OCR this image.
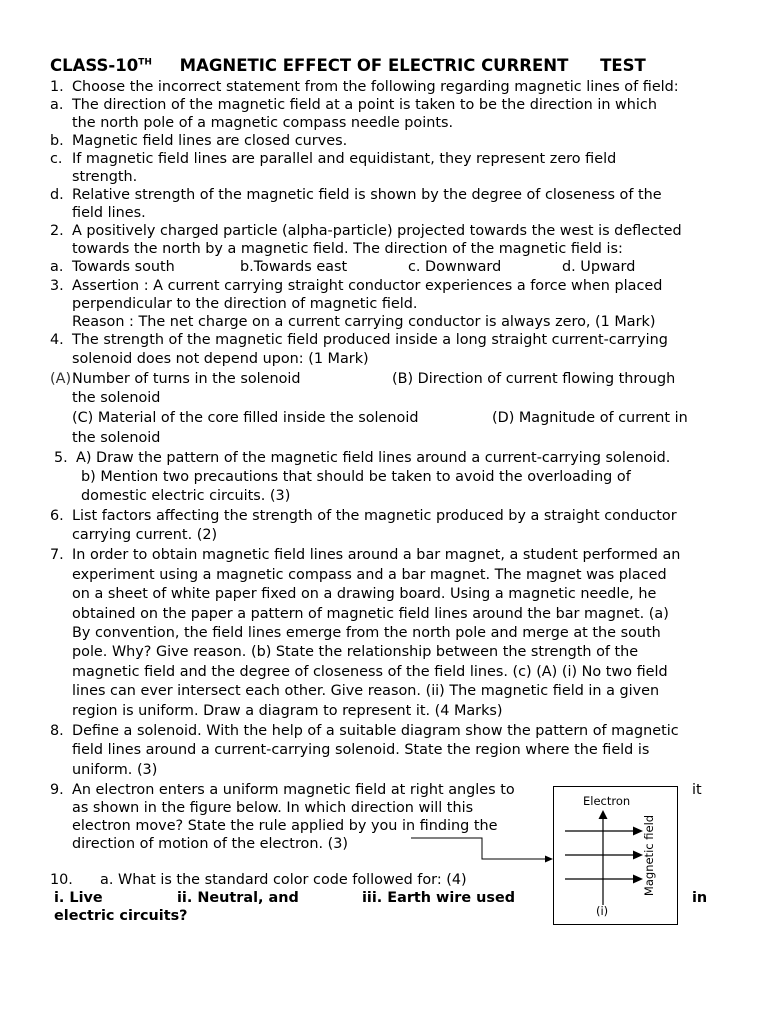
CLASS-10TH MAGNETIC EFFECT OF ELECTRIC CURRENT TEST
1. Choose the incorrect statement from the following regarding magnetic lines of field:
a. The direction of the magnetic field at a point is taken to be the direction in which
the north pole of a magnetic compass needle points.
b. Magnetic field lines are closed curves.
c. If magnetic field lines are parallel and equidistant, they represent zero field
strength.
d. Relative strength of the magnetic field is shown by the degree of closeness of the
field lines.
2. A positively charged particle (alpha-particle) projected towards the west is deflected
towards the north by a magnetic field. The direction of the magnetic field is:
a. Towards south	b.Towards east	c. Downward	d. Upward
3. Assertion : A current carrying straight conductor experiences a force when placed
perpendicular to the direction of magnetic field.
Reason : The net charge on a current carrying conductor is always zero, (1 Mark)
4. The strength of the magnetic field produced inside a long straight current-carrying
solenoid does not depend upon: (1 Mark)
(A) Number of turns in the solenoid	(B) Direction of current flowing through
the solenoid
(C) Material of the core filled inside the solenoid	(D) Magnitude of current in
the solenoid
5. A) Draw the pattern of the magnetic field lines around a current-carrying solenoid.
b) Mention two precautions that should be taken to avoid the overloading of
domestic electric circuits. (3)
6. List factors affecting the strength of the magnetic produced by a straight conductor
carrying current. (2)
7. In order to obtain magnetic field lines around a bar magnet, a student performed an
experiment using a magnetic compass and a bar magnet. The magnet was placed
on a sheet of white paper fixed on a drawing board. Using a magnetic needle, he
obtained on the paper a pattern of magnetic field lines around the bar magnet. (a)
By convention, the field lines emerge from the north pole and merge at the south
pole. Why? Give reason. (b) State the relationship between the strength of the
magnetic field and the degree of closeness of the field lines. (c) (A) (i) No two field
lines can ever intersect each other. Give reason. (ii) The magnetic field in a given
region is uniform. Draw a diagram to represent it. (4 Marks)
8. Define a solenoid. With the help of a suitable diagram show the pattern of magnetic
field lines around a current-carrying solenoid. State the region where the field is
uniform. (3)
9. An electron enters a uniform magnetic field at right angles to	it
as shown in the figure below. In which direction will this
electron move? State the rule applied by you in finding the
direction of motion of the electron. (3)
10. a. What is the standard color code followed for: (4)
i. Live	ii. Neutral, and	iii. Earth wire used	in
electric circuits?
Electron
Magnetic field
(i)
